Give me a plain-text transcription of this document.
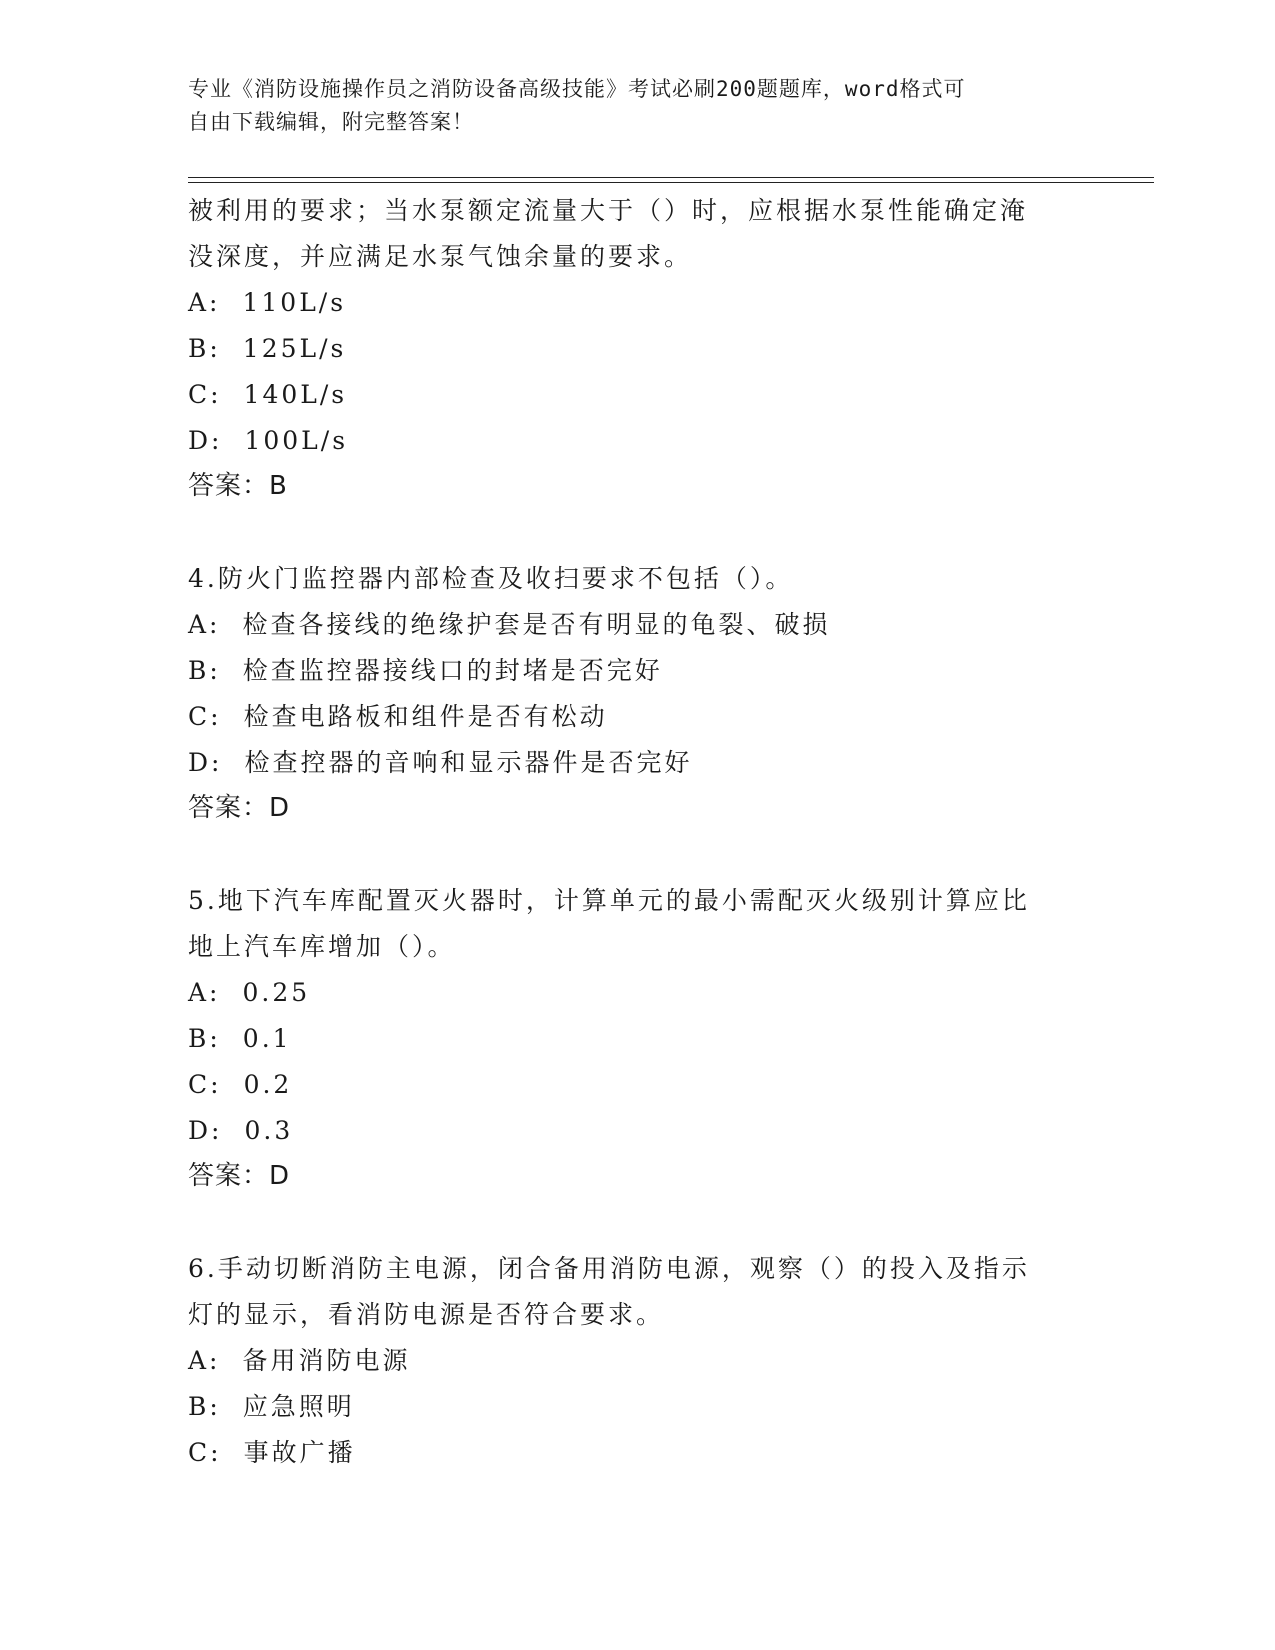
专业《消防设施操作员之消防设备高级技能》考试必刷200题题库，word格式可
自由下载编辑，附完整答案！
被利用的要求；当水泵额定流量大于（）时，应根据水泵性能确定淹
没深度，并应满足水泵气蚀余量的要求。
A: 110L/s
B: 125L/s
C: 140L/s
D: 100L/s
答案：B
4.防火门监控器内部检查及收扫要求不包括（）。
A: 检查各接线的绝缘护套是否有明显的龟裂、破损
B: 检查监控器接线口的封堵是否完好
C: 检查电路板和组件是否有松动
D: 检查控器的音响和显示器件是否完好
答案：D
5.地下汽车库配置灭火器时，计算单元的最小需配灭火级别计算应比
地上汽车库增加（）。
A: 0.25
B: 0.1
C: 0.2
D: 0.3
答案：D
6.手动切断消防主电源，闭合备用消防电源，观察（）的投入及指示
灯的显示，看消防电源是否符合要求。
A: 备用消防电源
B: 应急照明
C: 事故广播
